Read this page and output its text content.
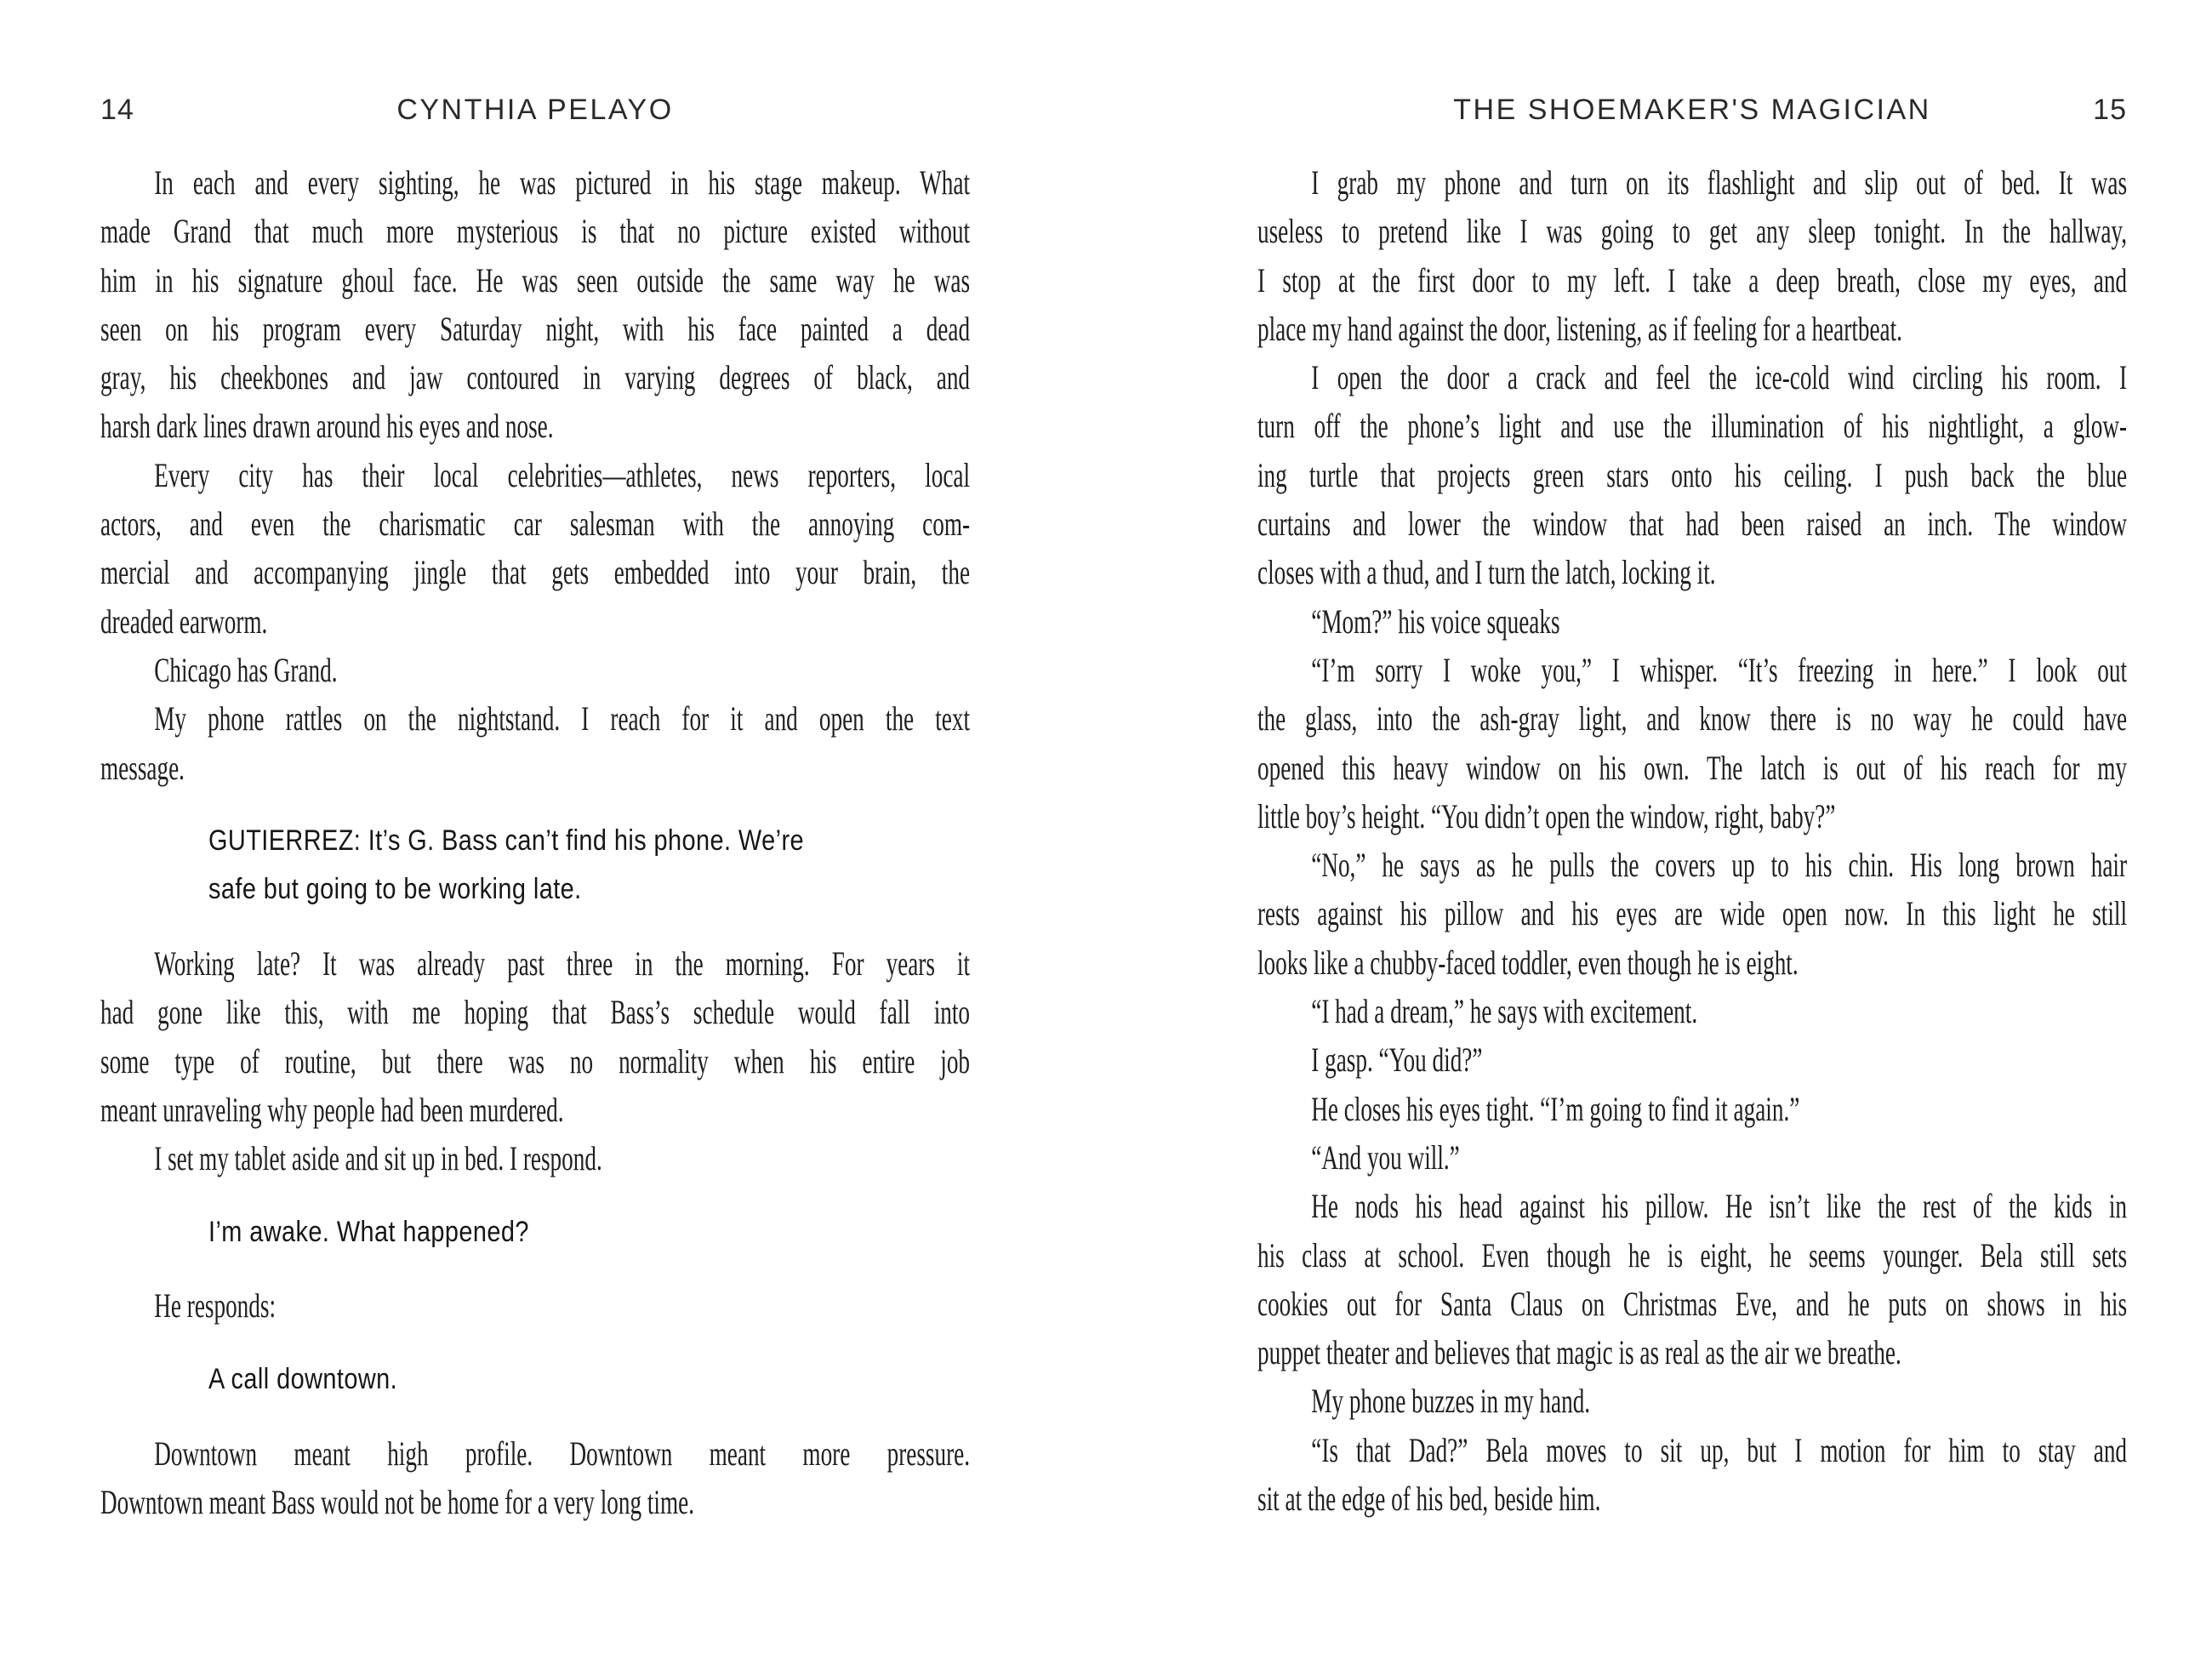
14	CYNTHIA PELAYO
In each and every sighting, he was pictured in his stage makeup. What
made Grand that much more mysterious is that no picture existed without
him in his signature ghoul face. He was seen outside the same way he was
seen on his program every Saturday night, with his face painted a dead
gray, his cheekbones and jaw contoured in varying degrees of black, and
harsh dark lines drawn around his eyes and nose.
Every city has their local celebrities—athletes, news reporters, local
actors, and even the charismatic car salesman with the annoying com-
mercial and accompanying jingle that gets embedded into your brain, the
dreaded earworm.
Chicago has Grand.
My phone rattles on the nightstand. I reach for it and open the text
message.
GUTIERREZ: It’s G. Bass can’t find his phone. We’re
safe but going to be working late.
Working late? It was already past three in the morning. For years it
had gone like this, with me hoping that Bass’s schedule would fall into
some type of routine, but there was no normality when his entire job
meant unraveling why people had been murdered.
I set my tablet aside and sit up in bed. I respond.
I’m awake. What happened?
He responds:
A call downtown.
Downtown meant high profile. Downtown meant more pressure.
Downtown meant Bass would not be home for a very long time.
THE SHOEMAKER'S MAGICIAN	15
I grab my phone and turn on its flashlight and slip out of bed. It was
useless to pretend like I was going to get any sleep tonight. In the hallway,
I stop at the first door to my left. I take a deep breath, close my eyes, and
place my hand against the door, listening, as if feeling for a heartbeat.
I open the door a crack and feel the ice-cold wind circling his room. I
turn off the phone’s light and use the illumination of his nightlight, a glow-
ing turtle that projects green stars onto his ceiling. I push back the blue
curtains and lower the window that had been raised an inch. The window
closes with a thud, and I turn the latch, locking it.
“Mom?” his voice squeaks
“I’m sorry I woke you,” I whisper. “It’s freezing in here.” I look out
the glass, into the ash-gray light, and know there is no way he could have
opened this heavy window on his own. The latch is out of his reach for my
little boy’s height. “You didn’t open the window, right, baby?”
“No,” he says as he pulls the covers up to his chin. His long brown hair
rests against his pillow and his eyes are wide open now. In this light he still
looks like a chubby-faced toddler, even though he is eight.
“I had a dream,” he says with excitement.
I gasp. “You did?”
He closes his eyes tight. “I’m going to find it again.”
“And you will.”
He nods his head against his pillow. He isn’t like the rest of the kids in
his class at school. Even though he is eight, he seems younger. Bela still sets
cookies out for Santa Claus on Christmas Eve, and he puts on shows in his
puppet theater and believes that magic is as real as the air we breathe.
My phone buzzes in my hand.
“Is that Dad?” Bela moves to sit up, but I motion for him to stay and
sit at the edge of his bed, beside him.
